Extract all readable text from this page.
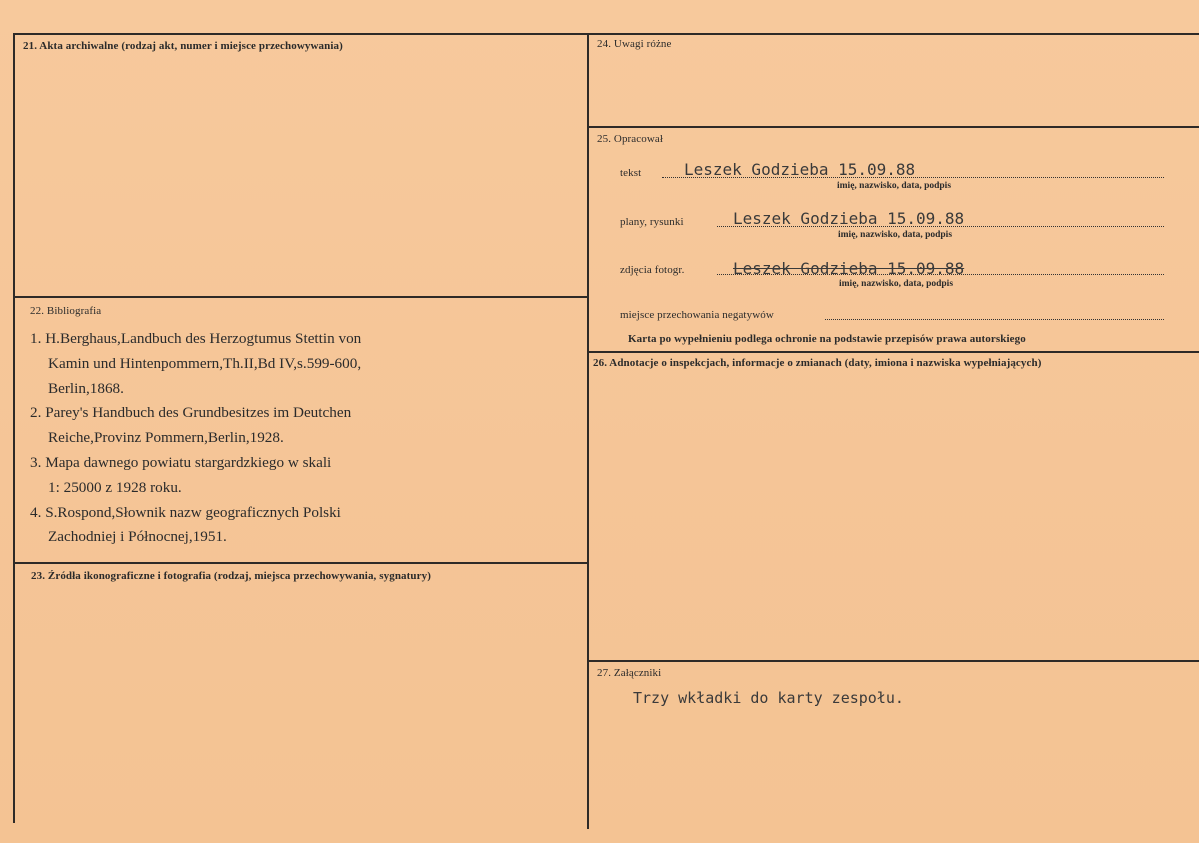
21. Akta archiwalne (rodzaj akt, numer i miejsce przechowywania)
22. Bibliografia
1. H.Berghaus,Landbuch des Herzogtumus Stettin von
Kamin und Hintenpommern,Th.II,Bd IV,s.599-600,
Berlin,1868.
2. Parey's Handbuch des Grundbesitzes im Deutchen
Reiche,Provinz Pommern,Berlin,1928.
3. Mapa dawnego powiatu stargardzkiego w skali
1: 25000 z 1928 roku.
4. S.Rospond,Słownik nazw geograficznych Polski
Zachodniej i Północnej,1951.
23. Źródła ikonograficzne i fotografia (rodzaj, miejsca przechowywania, sygnatury)
24. Uwagi różne
25. Opracował
tekst	Leszek Godzieba 15.09.88
imię, nazwisko, data, podpis
plany, rysunki	Leszek Godzieba 15.09.88
imię, nazwisko, data, podpis
zdjęcia fotogr.	Leszek Godzieba 15.09.88
imię, nazwisko, data, podpis
miejsce przechowania negatywów
Karta po wypełnieniu podlega ochronie na podstawie przepisów prawa autorskiego
26. Adnotacje o inspekcjach, informacje o zmianach (daty, imiona i nazwiska wypełniających)
27. Załączniki
Trzy wkładki do karty zespołu.
